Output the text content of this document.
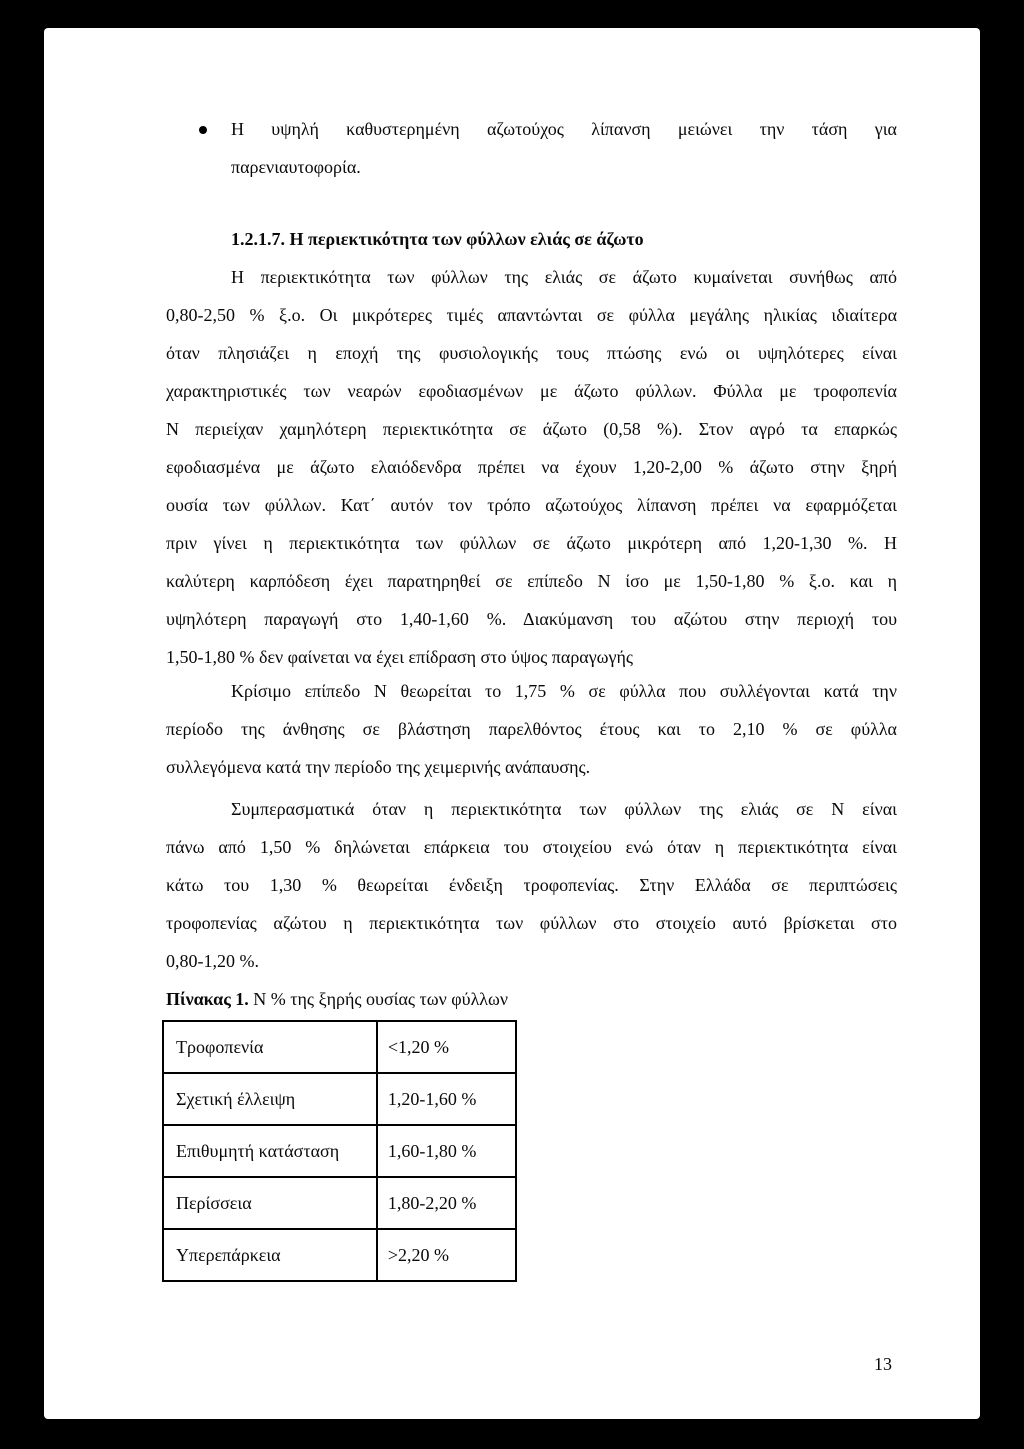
Η υψηλή καθυστερημένη αζωτούχος λίπανση μειώνει την τάση για
παρενιαυτοφορία.
1.2.1.7. Η περιεκτικότητα των φύλλων ελιάς σε άζωτο
Η περιεκτικότητα των φύλλων της ελιάς σε άζωτο κυμαίνεται συνήθως από
0,80-2,50 % ξ.ο. Οι μικρότερες τιμές απαντώνται σε φύλλα μεγάλης ηλικίας ιδιαίτερα
όταν πλησιάζει η εποχή της φυσιολογικής τους πτώσης ενώ οι υψηλότερες είναι
χαρακτηριστικές των νεαρών εφοδιασμένων με άζωτο φύλλων. Φύλλα με τροφοπενία
Ν περιείχαν χαμηλότερη περιεκτικότητα σε άζωτο (0,58 %). Στον αγρό τα επαρκώς
εφοδιασμένα με άζωτο ελαιόδενδρα πρέπει να έχουν 1,20-2,00 % άζωτο στην ξηρή
ουσία των φύλλων. Κατ΄ αυτόν τον τρόπο αζωτούχος λίπανση πρέπει να εφαρμόζεται
πριν γίνει η περιεκτικότητα των φύλλων σε άζωτο μικρότερη από 1,20-1,30 %. Η
καλύτερη καρπόδεση έχει παρατηρηθεί σε επίπεδο Ν ίσο με 1,50-1,80 % ξ.ο. και η
υψηλότερη παραγωγή στο 1,40-1,60 %. Διακύμανση του αζώτου στην περιοχή του
1,50-1,80 % δεν φαίνεται να έχει επίδραση στο ύψος παραγωγής
Κρίσιμο επίπεδο Ν θεωρείται το 1,75 % σε φύλλα που συλλέγονται κατά την
περίοδο της άνθησης σε βλάστηση παρελθόντος έτους και το 2,10 % σε φύλλα
συλλεγόμενα κατά την περίοδο της χειμερινής ανάπαυσης.
Συμπερασματικά όταν η περιεκτικότητα των φύλλων της ελιάς σε Ν είναι
πάνω από 1,50 % δηλώνεται επάρκεια του στοιχείου ενώ όταν η περιεκτικότητα είναι
κάτω του 1,30 % θεωρείται ένδειξη τροφοπενίας. Στην Ελλάδα σε περιπτώσεις
τροφοπενίας αζώτου η περιεκτικότητα των φύλλων στο στοιχείο αυτό βρίσκεται στο
0,80-1,20 %.
Πίνακας 1. Ν % της ξηρής ουσίας των φύλλων
Τροφοπενία	<1,20 %
Σχετική έλλειψη	1,20-1,60 %
Επιθυμητή κατάσταση	1,60-1,80 %
Περίσσεια	1,80-2,20 %
Υπερεπάρκεια	>2,20 %
13
